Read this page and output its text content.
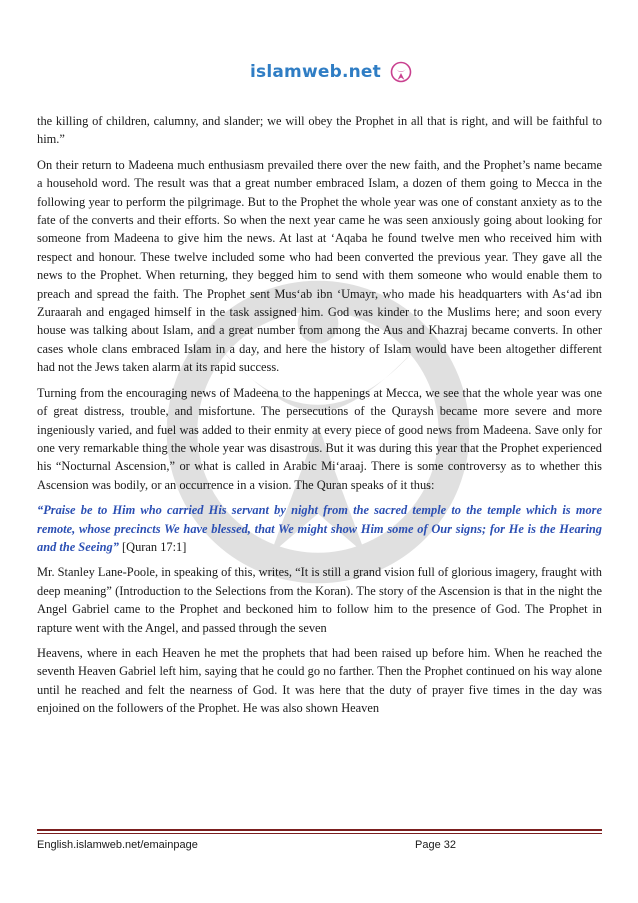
islamweb.net

the killing of children, calumny, and slander; we will obey the Prophet in all that is right, and will be faithful to him.”

On their return to Madeena much enthusiasm prevailed there over the new faith, and the Prophet’s name became a household word. The result was that a great number embraced Islam, a dozen of them going to Mecca in the following year to perform the pilgrimage. But to the Prophet the whole year was one of constant anxiety as to the fate of the converts and their efforts. So when the next year came he was seen anxiously going about looking for someone from Madeena to give him the news. At last at ‘Aqaba he found twelve men who received him with respect and honour. These twelve included some who had been converted the previous year. They gave all the news to the Prophet. When returning, they begged him to send with them someone who would enable them to preach and spread the faith. The Prophet sent Mus‘ab ibn ‘Umayr, who made his headquarters with As‘ad ibn Zuraarah and engaged himself in the task assigned him. God was kinder to the Muslims here; and soon every house was talking about Islam, and a great number from among the Aus and Khazraj became converts. In other cases whole clans embraced Islam in a day, and here the history of Islam would have been altogether different had not the Jews taken alarm at its rapid success.

Turning from the encouraging news of Madeena to the happenings at Mecca, we see that the whole year was one of great distress, trouble, and misfortune. The persecutions of the Quraysh became more severe and more ingeniously varied, and fuel was added to their enmity at every piece of good news from Madeena. Save only for one very remarkable thing the whole year was disastrous. But it was during this year that the Prophet experienced his “Nocturnal Ascension,” or what is called in Arabic Mi‘araaj. There is some controversy as to whether this Ascension was bodily, or an occurrence in a vision. The Quran speaks of it thus:

“Praise be to Him who carried His servant by night from the sacred temple to the temple which is more remote, whose precincts We have blessed, that We might show Him some of Our signs; for He is the Hearing and the Seeing” [Quran 17:1]

Mr. Stanley Lane-Poole, in speaking of this, writes, “It is still a grand vision full of glorious imagery, fraught with deep meaning” (Introduction to the Selections from the Koran). The story of the Ascension is that in the night the Angel Gabriel came to the Prophet and beckoned him to follow him to the presence of God. The Prophet in rapture went with the Angel, and passed through the seven

Heavens, where in each Heaven he met the prophets that had been raised up before him. When he reached the seventh Heaven Gabriel left him, saying that he could go no farther. Then the Prophet continued on his way alone until he reached and felt the nearness of God. It was here that the duty of prayer five times in the day was enjoined on the followers of the Prophet. He was also shown Heaven

English.islamweb.net/emainpage	Page 32
